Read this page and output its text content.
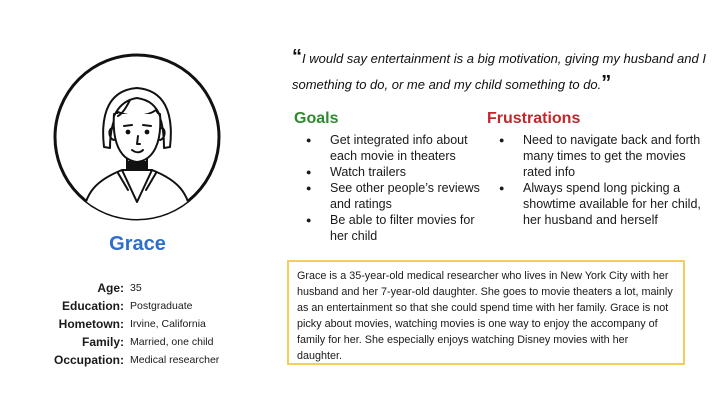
Grace
Age: 35
Education: Postgraduate
Hometown: Irvine, California
Family: Married, one child
Occupation: Medical researcher
“I would say entertainment is a big motivation, giving my husband and I something to do, or me and my child something to do.”
Goals
● Get integrated info about each movie in theaters
● Watch trailers
● See other people’s reviews and ratings
● Be able to filter movies for her child
Frustrations
● Need to navigate back and forth many times to get the movies rated info
● Always spend long picking a showtime available for her child, her husband and herself
Grace is a 35-year-old medical researcher who lives in New York City with her husband and her 7-year-old daughter. She goes to movie theaters a lot, mainly as an entertainment so that she could spend time with her family. Grace is not picky about movies, watching movies is one way to enjoy the accompany of family for her. She especially enjoys watching Disney movies with her daughter.
